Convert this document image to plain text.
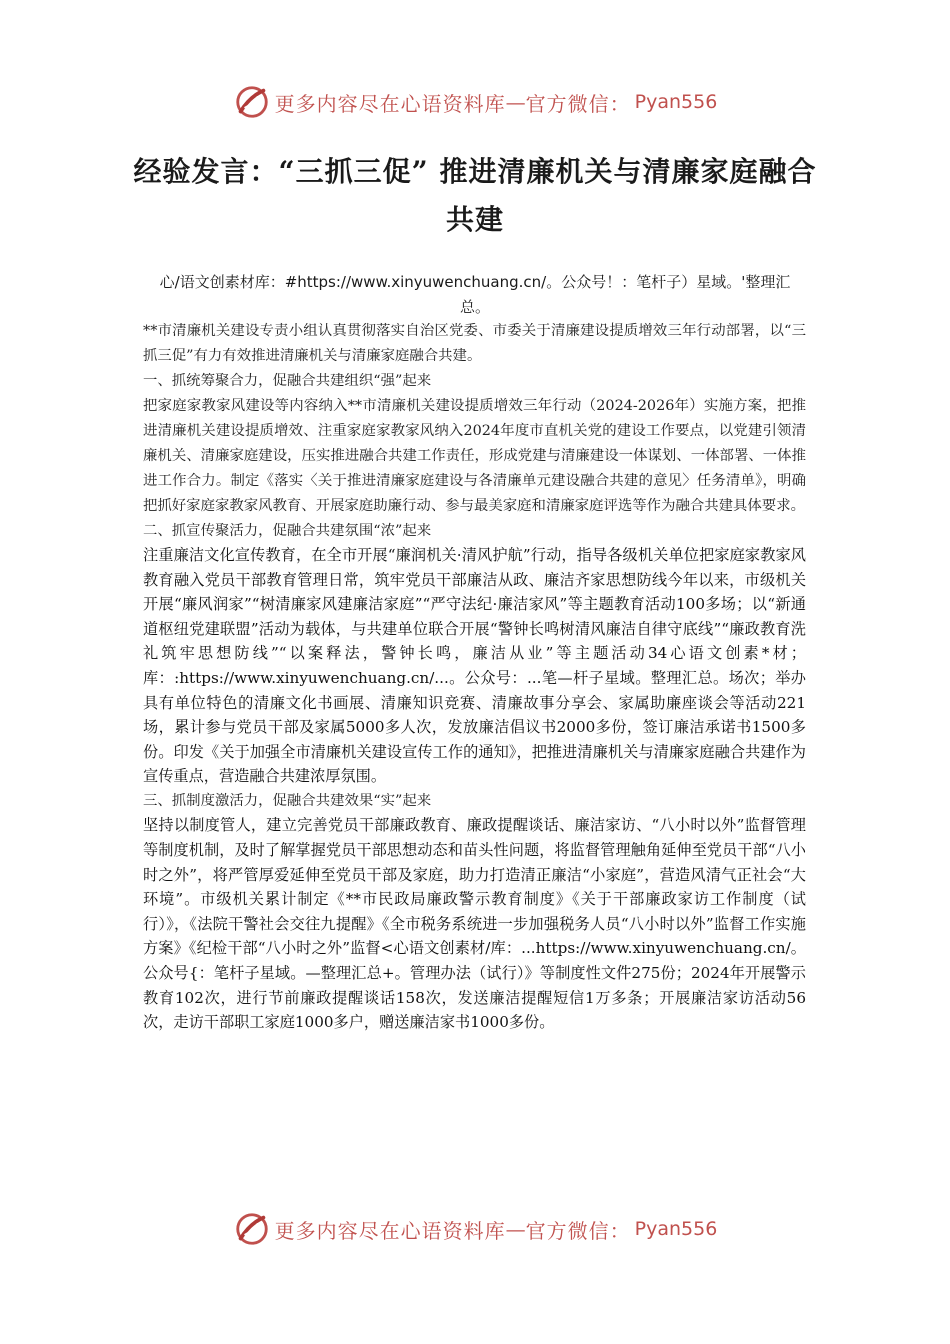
更多内容尽在心语资料库 — 官方微信： Pyan556
经验发言：“三抓三促” 推进清廉机关与清廉家庭融合共建
心/语文创素材库：#https://www.xinyuwenchuang.cn/。公众号！：笔杆子）星域。'整理汇总。

**市清廉机关建设专责小组认真贯彻落实自治区党委、市委关于清廉建设提质增效三年行动部署，以“三抓三促”有力有效推进清廉机关与清廉家庭融合共建。

一、抓统筹聚合力，促融合共建组织“强”起来

把家庭家教家风建设等内容纳入**市清廉机关建设提质增效三年行动（2024-2026年）实施方案，把推进清廉机关建设提质增效、注重家庭家教家风纳入2024年度市直机关党的建设工作要点，以党建引领清廉机关、清廉家庭建设，压实推进融合共建工作责任，形成党建与清廉建设一体谋划、一体部署、一体推进工作合力。制定《落实〈关于推进清廉家庭建设与各清廉单元建设融合共建的意见〉任务清单》，明确把抓好家庭家教家风教育、开展家庭助廉行动、参与最美家庭和清廉家庭评选等作为融合共建具体要求。

二、抓宣传聚活力，促融合共建氛围“浓”起来

注重廉洁文化宣传教育，在全市开展“廉润机关·清风护航”行动，指导各级机关单位把家庭家教家风教育融入党员干部教育管理日常，筑牢党员干部廉洁从政、廉洁齐家思想防线今年以来，市级机关开展“廉风润家”“树清廉家风建廉洁家庭”“严守法纪·廉洁家风”等主题教育活动100多场；以“新通道枢纽党建联盟”活动为载体，与共建单位联合开展“警钟长鸣树清风廉洁自律守底线”“廉政教育洗礼筑牢思想防线”“以案释法，警钟长鸣，廉洁从业”等主题活动34心语文创素*材；库：:https://www.xinyuwenchuang.cn/...。公众号：...笔—杆子星域。整理汇总。场次；举办具有单位特色的清廉文化书画展、清廉知识竞赛、清廉故事分享会、家属助廉座谈会等活动221场，累计参与党员干部及家属5000多人次，发放廉洁倡议书2000多份，签订廉洁承诺书1500多份。印发《关于加强全市清廉机关建设宣传工作的通知》，把推进清廉机关与清廉家庭融合共建作为宣传重点，营造融合共建浓厚氛围。

三、抓制度激活力，促融合共建效果“实”起来

坚持以制度管人，建立完善党员干部廉政教育、廉政提醒谈话、廉洁家访、“八小时以外”监督管理等制度机制，及时了解掌握党员干部思想动态和苗头性问题，将监督管理触角延伸至党员干部“八小时之外”，将严管厚爱延伸至党员干部及家庭，助力打造清正廉洁“小家庭”，营造风清气正社会“大环境”。市级机关累计制定《**市民政局廉政警示教育制度》《关于干部廉政家访工作制度（试行）》，《法院干警社会交往九提醒》《全市税务系统进一步加强税务人员“八小时以外”监督工作实施方案》《纪检干部“八小时之外”监督<心语文创素材/库：...https://www.xinyuwenchuang.cn/。公众号{：笔杆子星域。—整理汇总+。管理办法（试行）》等制度性文件275份；2024年开展警示教育102次，进行节前廉政提醒谈话158次，发送廉洁提醒短信1万多条；开展廉洁家访活动56次，走访干部职工家庭1000多户，赠送廉洁家书1000多份。

更多内容尽在心语资料库 — 官方微信： Pyan556
